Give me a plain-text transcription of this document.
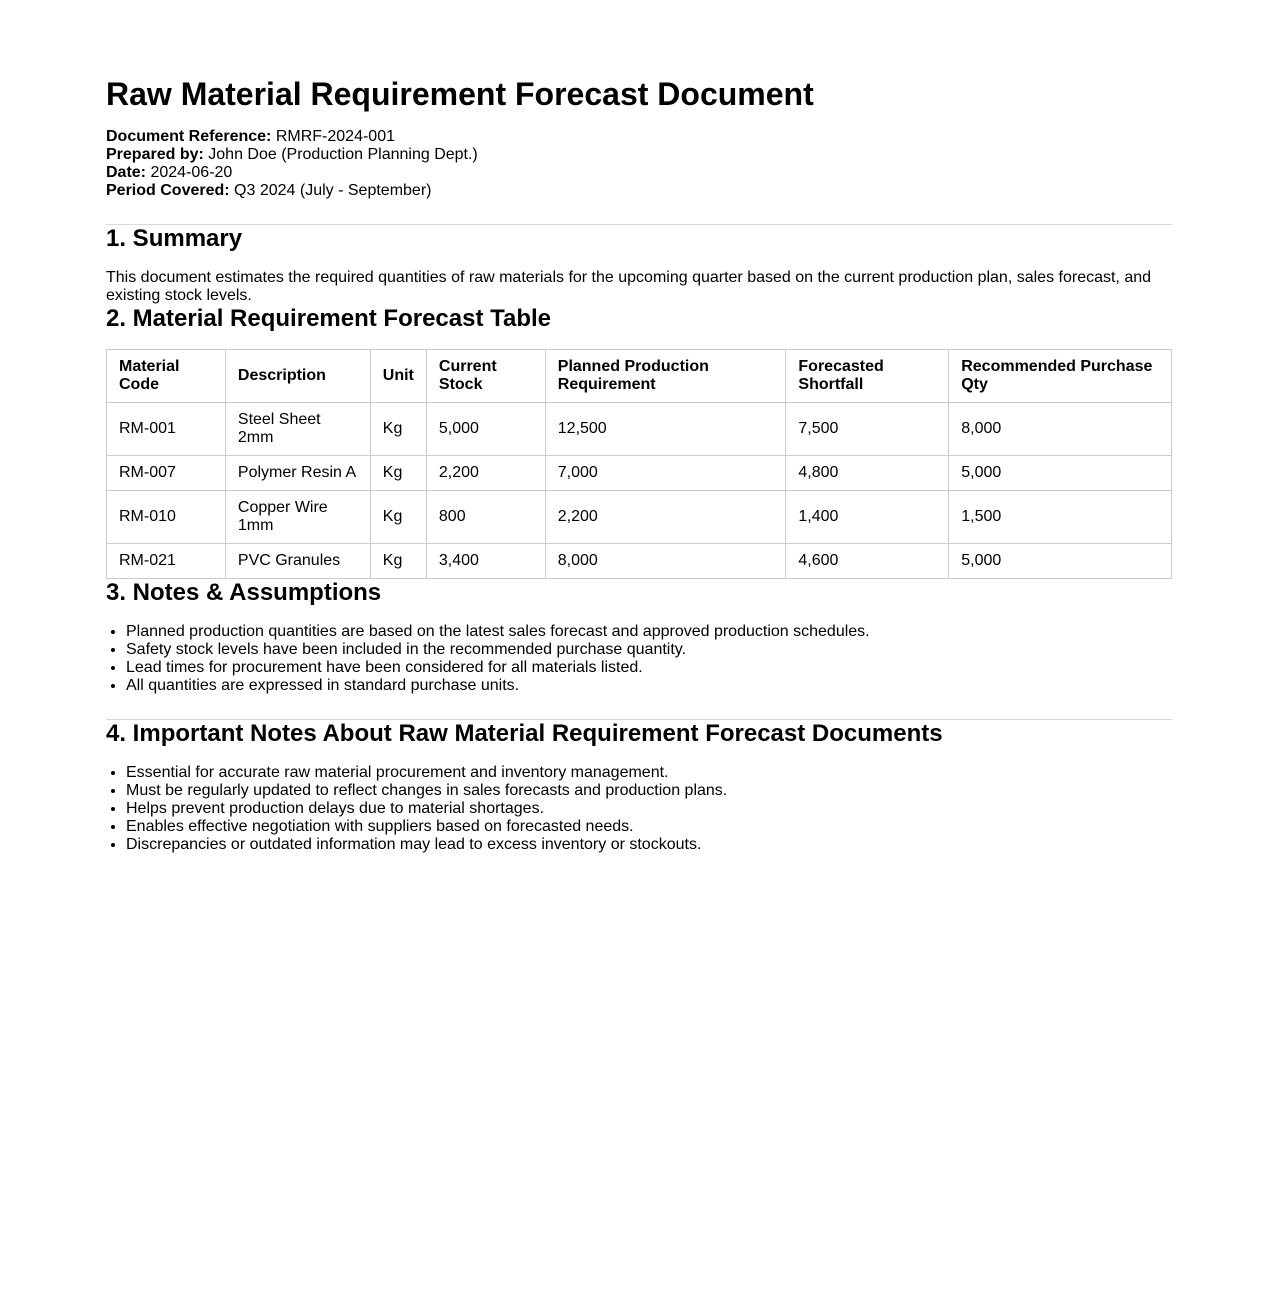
Raw Material Requirement Forecast Document
Document Reference: RMRF-2024-001
Prepared by: John Doe (Production Planning Dept.)
Date: 2024-06-20
Period Covered: Q3 2024 (July - September)
1. Summary

This document estimates the required quantities of raw materials for the upcoming quarter based on the current production plan, sales forecast, and existing stock levels.

2. Material Requirement Forecast Table
Material Code	Description	Unit	Current Stock	Planned Production Requirement	Forecasted Shortfall	Recommended Purchase Qty
RM-001	Steel Sheet 2mm	Kg	5,000	12,500	7,500	8,000
RM-007	Polymer Resin A	Kg	2,200	7,000	4,800	5,000
RM-010	Copper Wire 1mm	Kg	800	2,200	1,400	1,500
RM-021	PVC Granules	Kg	3,400	8,000	4,600	5,000
3. Notes & Assumptions
• Planned production quantities are based on the latest sales forecast and approved production schedules.
• Safety stock levels have been included in the recommended purchase quantity.
• Lead times for procurement have been considered for all materials listed.
• All quantities are expressed in standard purchase units.
4. Important Notes About Raw Material Requirement Forecast Documents
• Essential for accurate raw material procurement and inventory management.
• Must be regularly updated to reflect changes in sales forecasts and production plans.
• Helps prevent production delays due to material shortages.
• Enables effective negotiation with suppliers based on forecasted needs.
• Discrepancies or outdated information may lead to excess inventory or stockouts.
